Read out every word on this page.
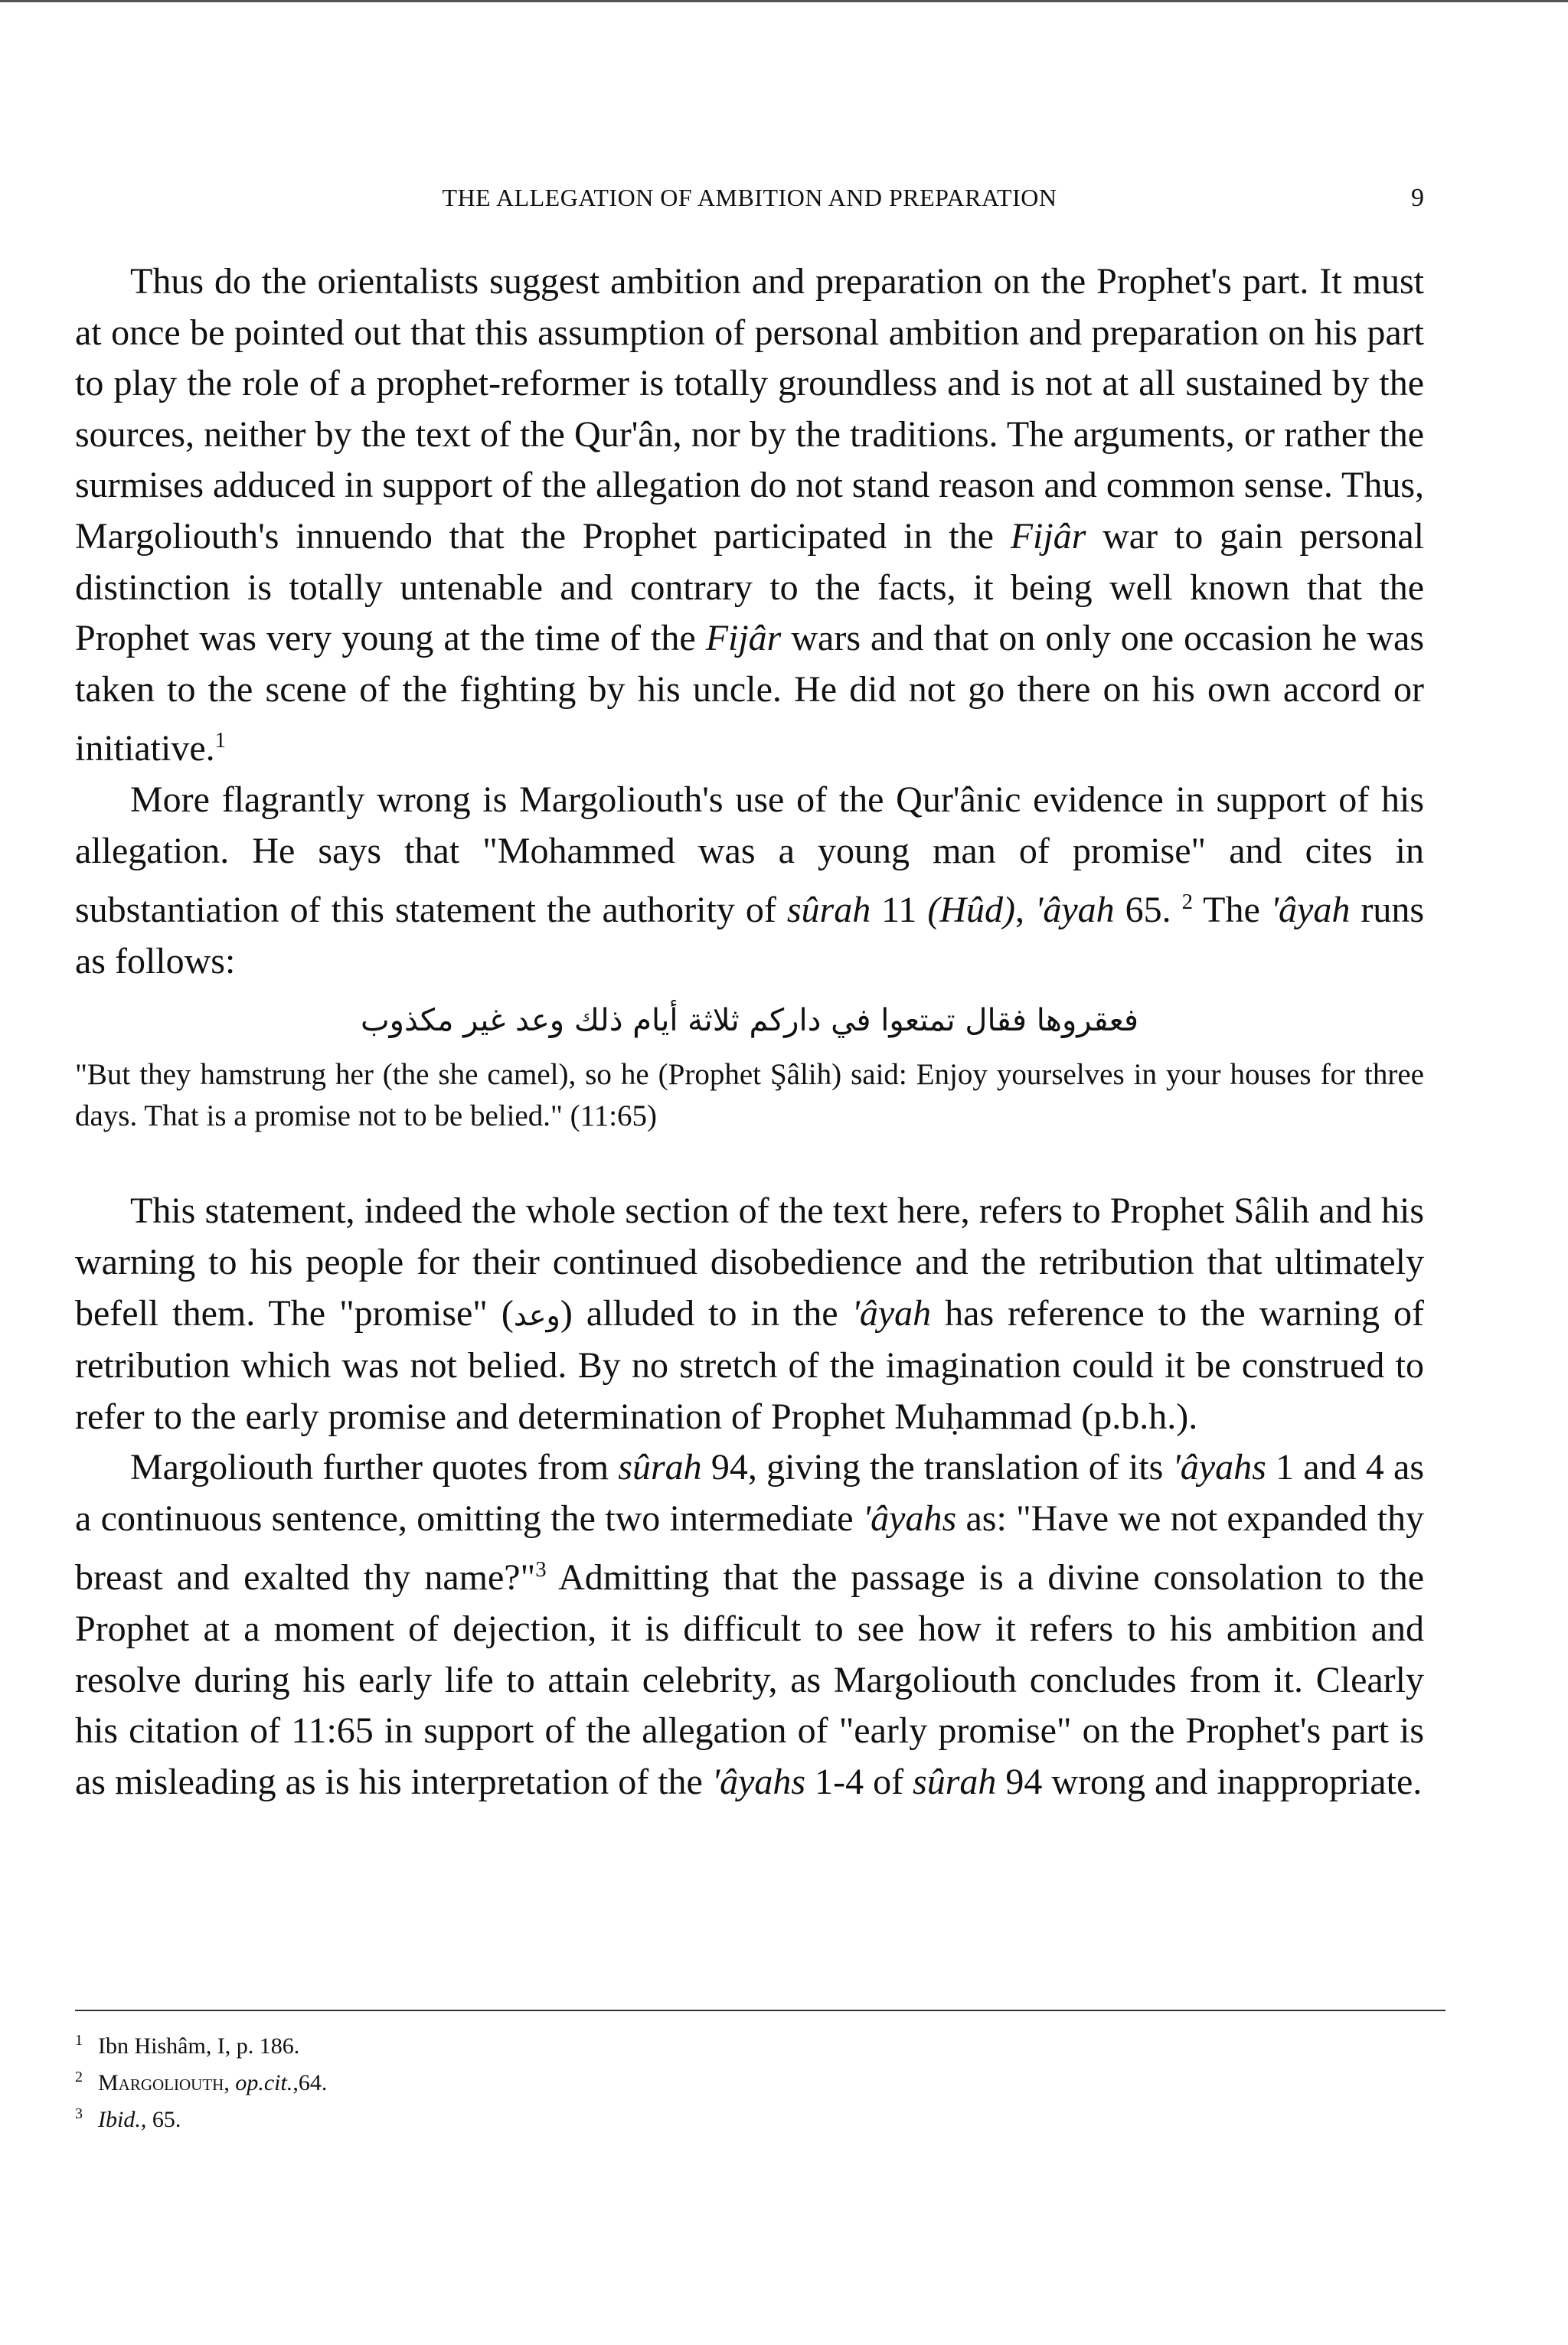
THE ALLEGATION OF AMBITION AND PREPARATION	9

Thus do the orientalists suggest ambition and preparation on the Prophet's part. It must at once be pointed out that this assumption of personal ambition and preparation on his part to play the role of a prophet-reformer is totally groundless and is not at all sustained by the sources, neither by the text of the Qur'ân, nor by the traditions. The arguments, or rather the surmises adduced in support of the allegation do not stand reason and common sense. Thus, Margoliouth's innuendo that the Prophet participated in the Fijâr war to gain personal distinction is totally untenable and contrary to the facts, it being well known that the Prophet was very young at the time of the Fijâr wars and that on only one occasion he was taken to the scene of the fighting by his uncle. He did not go there on his own accord or initiative.$^1$

More flagrantly wrong is Margoliouth's use of the Qur'ânic evidence in support of his allegation. He says that "Mohammed was a young man of promise" and cites in substantiation of this statement the authority of sûrah 11 (Hûd), 'âyah 65. $^2$ The 'âyah runs as follows:

فعقروها فقال تمتعوا في داركم ثلاثة أيام ذلك وعد غير مكذوب
"But they hamstrung her (the she camel), so he (Prophet Şâlih) said: Enjoy yourselves in your houses for three days. That is a promise not to be belied." (11:65)

This statement, indeed the whole section of the text here, refers to Prophet Sâlih and his warning to his people for their continued disobedience and the retribution that ultimately befell them. The "promise" (وعد) alluded to in the 'âyah has reference to the warning of retribution which was not belied. By no stretch of the imagination could it be construed to refer to the early promise and determination of Prophet Muḥammad (p.b.h.).

Margoliouth further quotes from sûrah 94, giving the translation of its 'âyahs 1 and 4 as a continuous sentence, omitting the two intermediate 'âyahs as: "Have we not expanded thy breast and exalted thy name?"$^3$ Admitting that the passage is a divine consolation to the Prophet at a moment of dejection, it is difficult to see how it refers to his ambition and resolve during his early life to attain celebrity, as Margoliouth concludes from it. Clearly his citation of 11:65 in support of the allegation of "early promise" on the Prophet's part is as misleading as is his interpretation of the 'âyahs 1-4 of sûrah 94 wrong and inappropriate.

$^1$ Ibn Hishâm, I, p. 186.
$^2$ Margoliouth, op.cit.,64.
$^3$ Ibid., 65.
